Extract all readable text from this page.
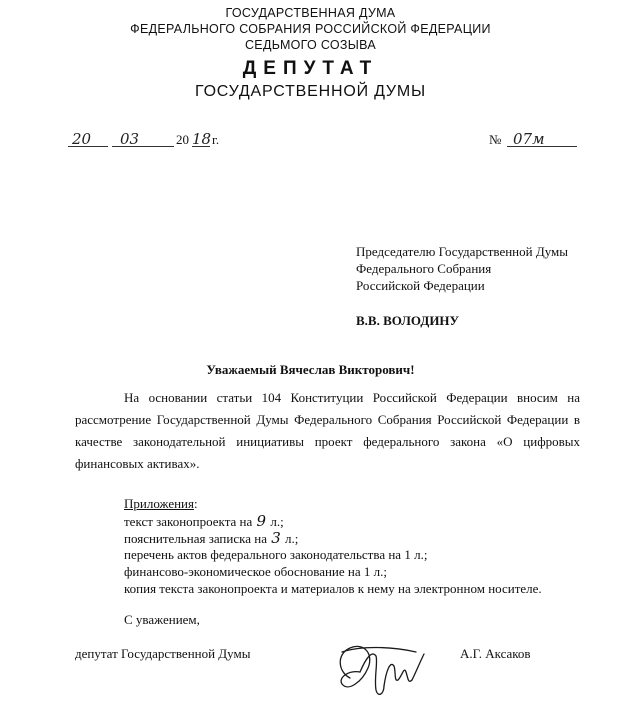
ГОСУДАРСТВЕННАЯ ДУМА
ФЕДЕРАЛЬНОГО СОБРАНИЯ РОССИЙСКОЙ ФЕДЕРАЦИИ
СЕДЬМОГО СОЗЫВА
ДЕПУТАТ
ГОСУДАРСТВЕННОЙ ДУМЫ
20	03	20 18 г.	№ 07м
Председателю Государственной Думы
Федерального Собрания
Российской Федерации
В.В. ВОЛОДИНУ
Уважаемый Вячеслав Викторович!
На основании статьи 104 Конституции Российской Федерации вносим на
рассмотрение Государственной Думы Федерального Собрания Российской Федерации в
качестве законодательной инициативы проект федерального закона «О цифровых
финансовых активах».
Приложения:
текст законопроекта на 9 л.;
пояснительная записка на 3 л.;
перечень актов федерального законодательства на 1 л.;
финансово-экономическое обоснование на 1 л.;
копия текста законопроекта и материалов к нему на электронном носителе.
С уважением,
депутат Государственной Думы	А.Г. Аксаков
